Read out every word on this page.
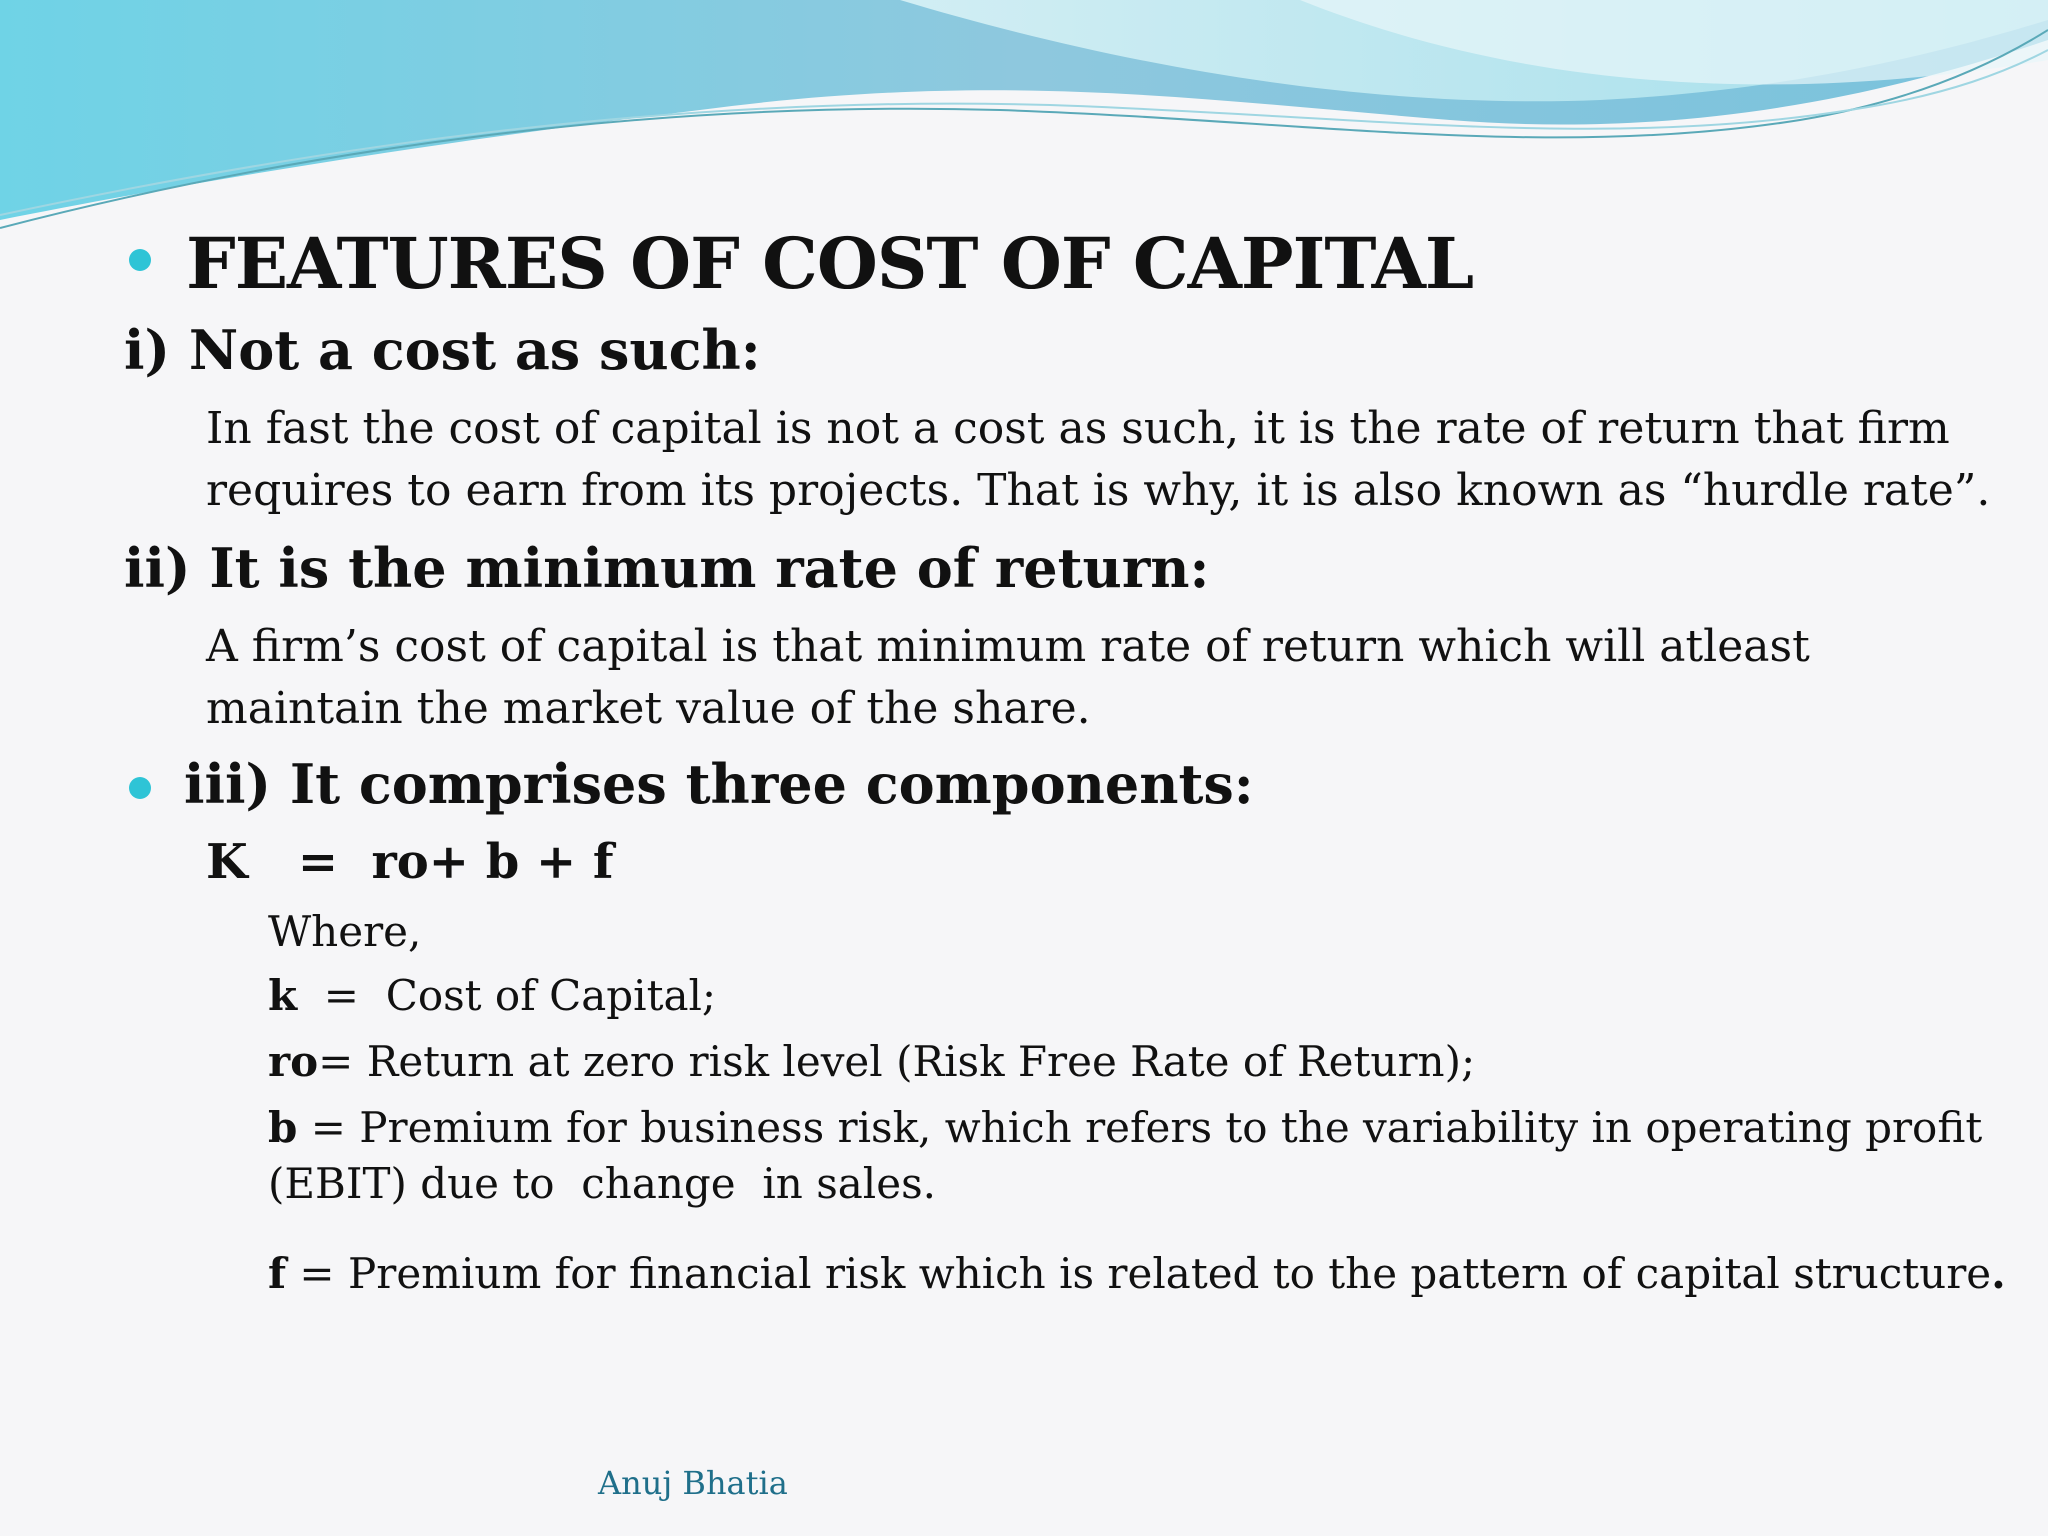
FEATURES OF COST OF CAPITAL
i) Not a cost as such:
In fast the cost of capital is not a cost as such, it is the rate of return that firm
requires to earn from its projects. That is why, it is also known as “hurdle rate”.
ii) It is the minimum rate of return:
A firm’s cost of capital is that minimum rate of return which will atleast
maintain the market value of the share.
iii) It comprises three components:
K   =  ro+ b + f
Where,
k  =  Cost of Capital;
ro= Return at zero risk level (Risk Free Rate of Return);
b = Premium for business risk, which refers to the variability in operating profit
(EBIT) due to  change  in sales.
f = Premium for financial risk which is related to the pattern of capital structure.
Anuj Bhatia
